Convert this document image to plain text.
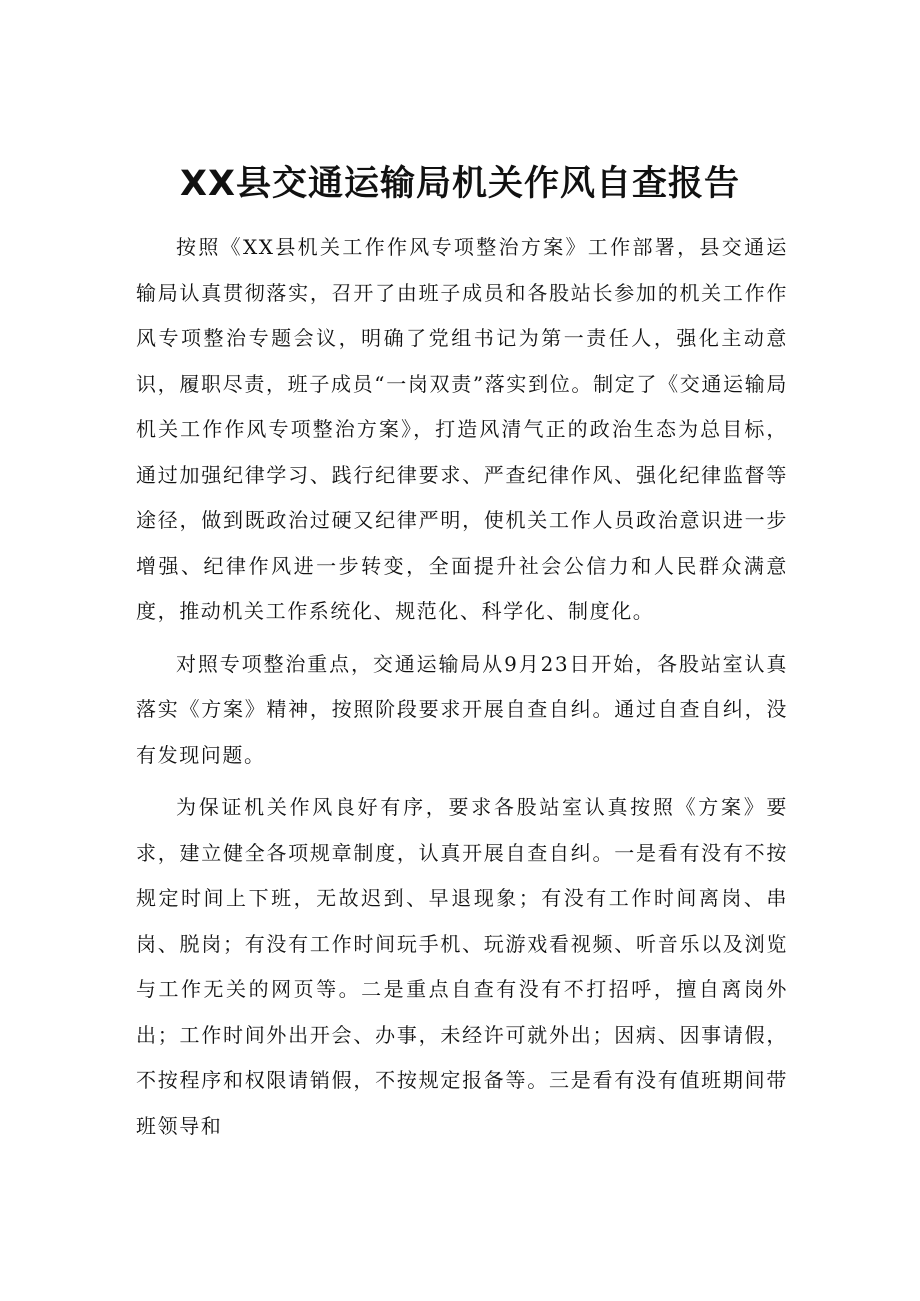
XX县交通运输局机关作风自查报告

按照《XX县机关工作作风专项整治方案》工作部署，县交通运输局认真贯彻落实，召开了由班子成员和各股站长参加的机关工作作风专项整治专题会议，明确了党组书记为第一责任人，强化主动意识，履职尽责，班子成员“一岗双责”落实到位。制定了《交通运输局机关工作作风专项整治方案》，打造风清气正的政治生态为总目标，通过加强纪律学习、践行纪律要求、严查纪律作风、强化纪律监督等途径，做到既政治过硬又纪律严明，使机关工作人员政治意识进一步增强、纪律作风进一步转变，全面提升社会公信力和人民群众满意度，推动机关工作系统化、规范化、科学化、制度化。

对照专项整治重点，交通运输局从9月23日开始，各股站室认真落实《方案》精神，按照阶段要求开展自查自纠。通过自查自纠，没有发现问题。

为保证机关作风良好有序，要求各股站室认真按照《方案》要求，建立健全各项规章制度，认真开展自查自纠。一是看有没有不按规定时间上下班，无故迟到、早退现象；有没有工作时间离岗、串岗、脱岗；有没有工作时间玩手机、玩游戏看视频、听音乐以及浏览与工作无关的网页等。二是重点自查有没有不打招呼，擅自离岗外出；工作时间外出开会、办事，未经许可就外出；因病、因事请假，不按程序和权限请销假，不按规定报备等。三是看有没有值班期间带班领导和
